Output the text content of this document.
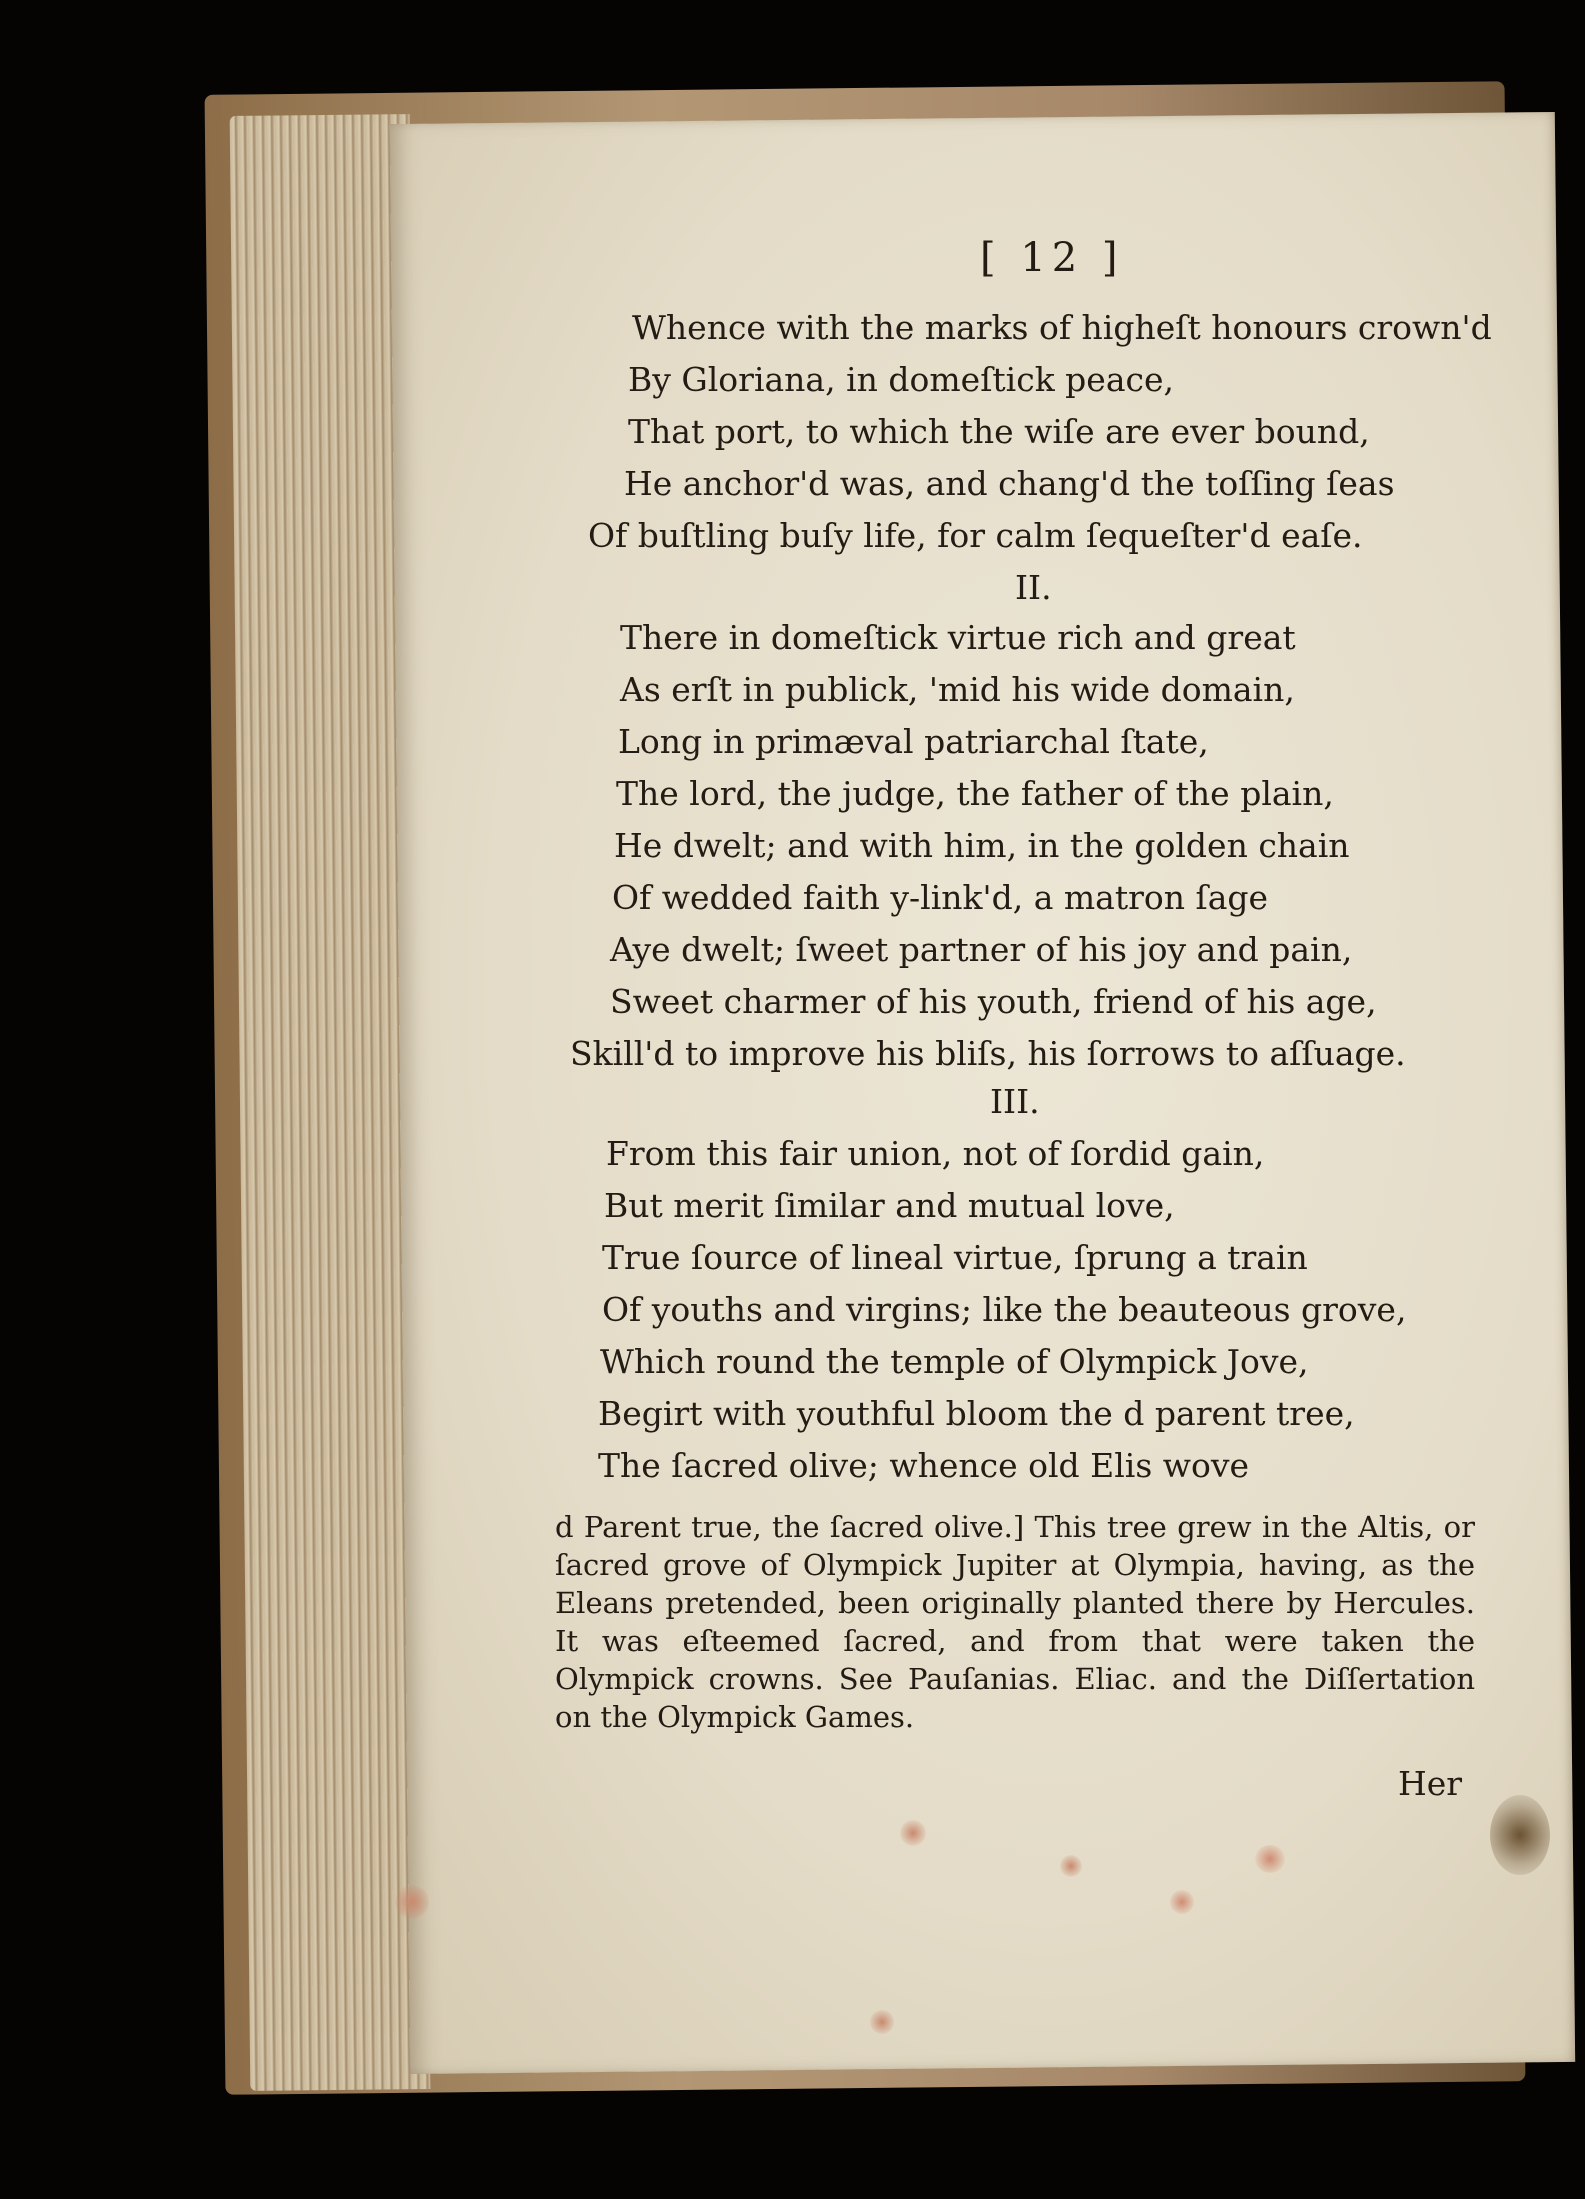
[ 12 ]
Whence with the marks of higheſt honours crown'd
By Gloriana, in domeſtick peace,
That port, to which the wiſe are ever bound,
He anchor'd was, and chang'd the toſſing ſeas
Of buſtling buſy life, for calm ſequeſter'd eaſe.
II.
There in domeſtick virtue rich and great
As erſt in publick, 'mid his wide domain,
Long in primæval patriarchal ſtate,
The lord, the judge, the father of the plain,
He dwelt; and with him, in the golden chain
Of wedded faith y-link'd, a matron ſage
Aye dwelt; ſweet partner of his joy and pain,
Sweet charmer of his youth, friend of his age,
Skill'd to improve his bliſs, his ſorrows to aſſuage.
III.
From this fair union, not of ſordid gain,
But merit ſimilar and mutual love,
True ſource of lineal virtue, ſprung a train
Of youths and virgins; like the beauteous grove,
Which round the temple of Olympick Jove,
Begirt with youthful bloom the d parent tree,
The ſacred olive; whence old Elis wove
d Parent true, the ſacred olive.] This tree grew in the Altis, or ſacred grove of Olympick Jupiter at Olympia, having, as the Eleans pretended, been originally planted there by Hercules. It was eſteemed ſacred, and from that were taken the Olympick crowns. See Pauſanias. Eliac. and the Diſſertation on the Olympick Games.
Her
